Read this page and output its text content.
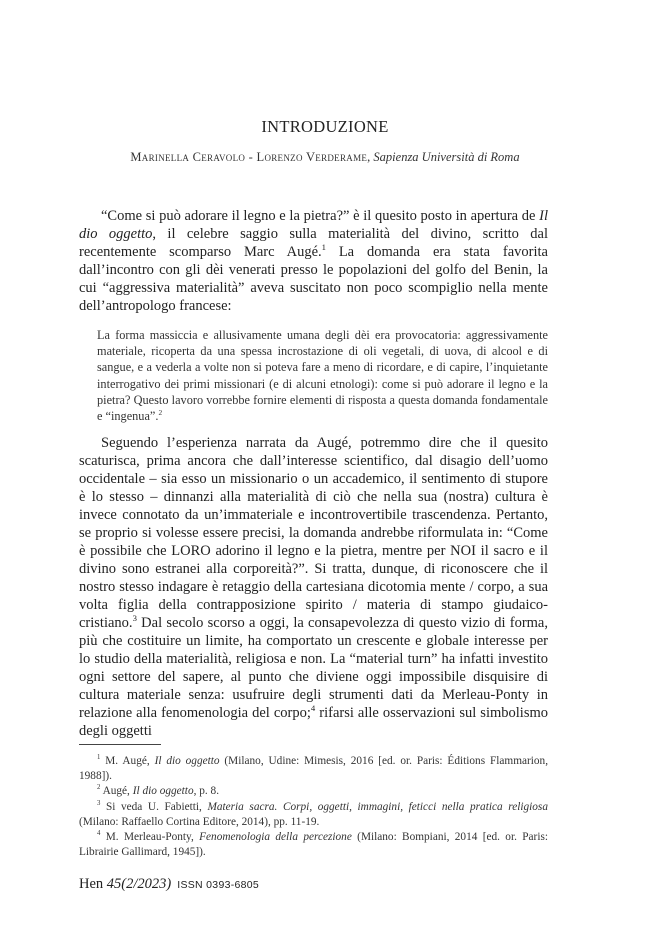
INTRODUZIONE
Marinella Ceravolo - Lorenzo Verderame, Sapienza Università di Roma
“Come si può adorare il legno e la pietra?” è il quesito posto in apertura de Il dio oggetto, il celebre saggio sulla materialità del divino, scritto dal recentemente scomparso Marc Augé.$^1$ La domanda era stata favorita dall’incontro con gli dèi venerati presso le popolazioni del golfo del Benin, la cui “aggressiva materialità” aveva suscitato non poco scompiglio nella mente dell’antropologo francese:
La forma massiccia e allusivamente umana degli dèi era provocatoria: aggressivamente materiale, ricoperta da una spessa incrostazione di oli vegetali, di uova, di alcool e di sangue, e a vederla a volte non si poteva fare a meno di ricordare, e di capire, l’inquietante interrogativo dei primi missionari (e di alcuni etnologi): come si può adorare il legno e la pietra? Questo lavoro vorrebbe fornire elementi di risposta a questa domanda fondamentale e “ingenua”.$^2$
Seguendo l’esperienza narrata da Augé, potremmo dire che il quesito scaturisca, prima ancora che dall’interesse scientifico, dal disagio dell’uomo occidentale – sia esso un missionario o un accademico, il sentimento di stupore è lo stesso – dinnanzi alla materialità di ciò che nella sua (nostra) cultura è invece connotato da un’immateriale e incontrovertibile trascendenza. Pertanto, se proprio si volesse essere precisi, la domanda andrebbe riformulata in: “Come è possibile che LORO adorino il legno e la pietra, mentre per NOI il sacro e il divino sono estranei alla corporeità?”. Si tratta, dunque, di riconoscere che il nostro stesso indagare è retaggio della cartesiana dicotomia mente / corpo, a sua volta figlia della contrapposizione spirito / materia di stampo giudaico-cristiano.$^3$ Dal secolo scorso a oggi, la consapevolezza di questo vizio di forma, più che costituire un limite, ha comportato un crescente e globale interesse per lo studio della materialità, religiosa e non. La “material turn” ha infatti investito ogni settore del sapere, al punto che diviene oggi impossibile disquisire di cultura materiale senza: usufruire degli strumenti dati da Merleau-Ponty in relazione alla fenomenologia del corpo;$^4$ rifarsi alle osservazioni sul simbolismo degli oggetti
$^1$ M. Augé, Il dio oggetto (Milano, Udine: Mimesis, 2016 [ed. or. Paris: Éditions Flammarion, 1988]).
$^2$ Augé, Il dio oggetto, p. 8.
$^3$ Si veda U. Fabietti, Materia sacra. Corpi, oggetti, immagini, feticci nella pratica religiosa (Milano: Raffaello Cortina Editore, 2014), pp. 11-19.
$^4$ M. Merleau-Ponty, Fenomenologia della percezione (Milano: Bompiani, 2014 [ed. or. Paris: Librairie Gallimard, 1945]).
Hen 45(2/2023) ISSN 0393-6805
